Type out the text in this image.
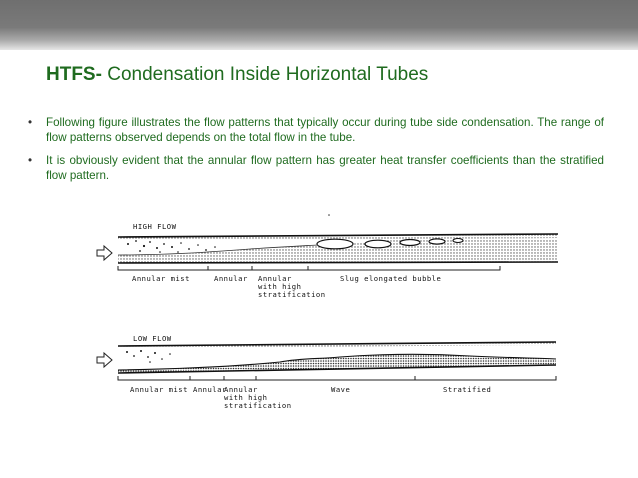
HTFS- Condensation Inside Horizontal Tubes
• Following figure illustrates the flow patterns that typically occur during tube side condensation. The range of flow patterns observed depends on the total flow in the tube.
• It is obviously evident that the annular flow pattern has greater heat transfer coefficients than the stratified flow pattern.
HIGH FLOW
Annular mist	Annular Annular
with high
stratification
Slug elongated bubble
LOW FLOW
Annular mist Annular
Annular
with high
stratification
Wave	Stratified
